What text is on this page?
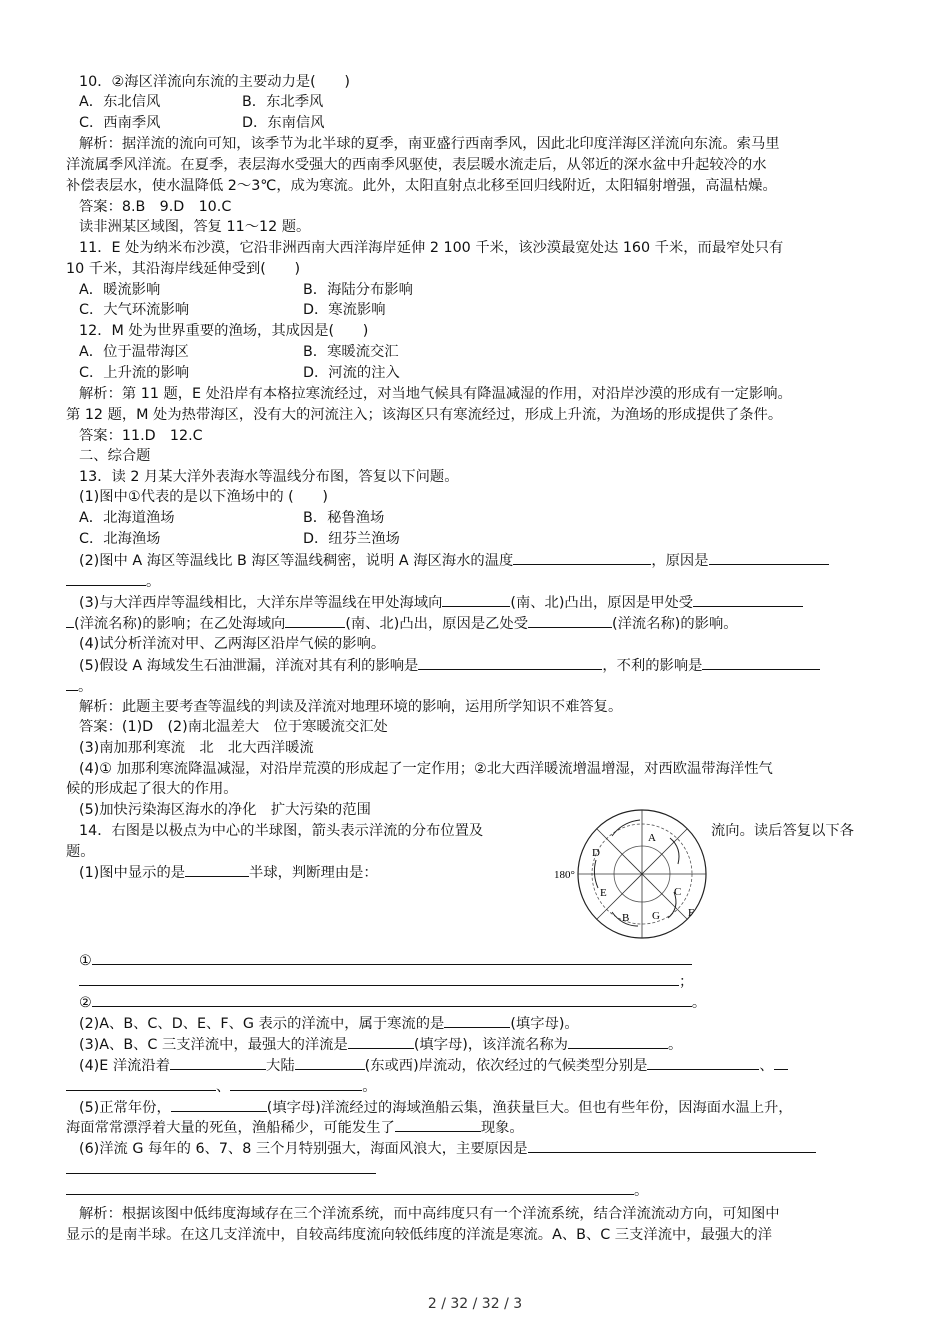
10．②海区洋流向东流的主要动力是(　　)
A．东北信风	B．东北季风
C．西南季风	D．东南信风
解析：据洋流的流向可知，该季节为北半球的夏季，南亚盛行西南季风，因此北印度洋海区洋流向东流。索马里
洋流属季风洋流。在夏季，表层海水受强大的西南季风驱使，表层暖水流走后，从邻近的深水盆中升起较冷的水
补偿表层水，使水温降低 2～3℃，成为寒流。此外，太阳直射点北移至回归线附近，太阳辐射增强，高温枯燥。
答案：8.B　9.D　10.C
读非洲某区域图，答复 11～12 题。
11．E 处为纳米布沙漠，它沿非洲西南大西洋海岸延伸 2 100 千米，该沙漠最宽处达 160 千米，而最窄处只有
10 千米，其沿海岸线延伸受到(　　)
A．暖流影响	B．海陆分布影响
C．大气环流影响	D．寒流影响
12．M 处为世界重要的渔场，其成因是(　　)
A．位于温带海区	B．寒暖流交汇
C．上升流的影响	D．河流的注入
解析：第 11 题，E 处沿岸有本格拉寒流经过，对当地气候具有降温减湿的作用，对沿岸沙漠的形成有一定影响。
第 12 题，M 处为热带海区，没有大的河流注入；该海区只有寒流经过，形成上升流，为渔场的形成提供了条件。
答案：11.D　12.C
二、综合题
13．读 2 月某大洋外表海水等温线分布图，答复以下问题。
(1)图中①代表的是以下渔场中的 (　　)
A．北海道渔场	B．秘鲁渔场
C．北海渔场	D．纽芬兰渔场
(2)图中 A 海区等温线比 B 海区等温线稠密，说明 A 海区海水的温度	，原因是
。
(3)与大洋西岸等温线相比，大洋东岸等温线在甲处海域向	(南、北)凸出，原因是甲处受
(洋流名称)的影响；在乙处海域向	(南、北)凸出，原因是乙处受	(洋流名称)的影响。
(4)试分析洋流对甲、乙两海区沿岸气候的影响。
(5)假设 A 海域发生石油泄漏，洋流对其有利的影响是	，不利的影响是
。
解析：此题主要考查等温线的判读及洋流对地理环境的影响，运用所学知识不难答复。
答案：(1)D　(2)南北温差大　位于寒暖流交汇处
(3)南加那利寒流　北　北大西洋暖流
(4)① 加那利寒流降温减湿，对沿岸荒漠的形成起了一定作用；②北大西洋暖流增温增湿，对西欧温带海洋性气
候的形成起了很大的作用。
(5)加快污染海区海水的净化　扩大污染的范围
14．右图是以极点为中心的半球图，箭头表示洋流的分布位置及	流向。读后答复以下各
题。
(1)图中显示的是	半球，判断理由是：	180°
A
B
C
D
E
F
G
①
；
②	。
(2)A、B、C、D、E、F、G 表示的洋流中，属于寒流的是	(填字母)。
(3)A、B、C 三支洋流中，最强大的洋流是	(填字母)，该洋流名称为	。
(4)E 洋流沿着	大陆	(东或西)岸流动，依次经过的气候类型分别是	、
、	。
(5)正常年份，	(填字母)洋流经过的海域渔船云集，渔获量巨大。但也有些年份，因海面水温上升，
海面常常漂浮着大量的死鱼，渔船稀少，可能发生了	现象。
(6)洋流 G 每年的 6、7、8 三个月特别强大，海面风浪大，主要原因是
。
解析：根据该图中低纬度海域存在三个洋流系统，而中高纬度只有一个洋流系统，结合洋流流动方向，可知图中
显示的是南半球。在这几支洋流中，自较高纬度流向较低纬度的洋流是寒流。A、B、C 三支洋流中，最强大的洋
2 / 32 / 32 / 3
